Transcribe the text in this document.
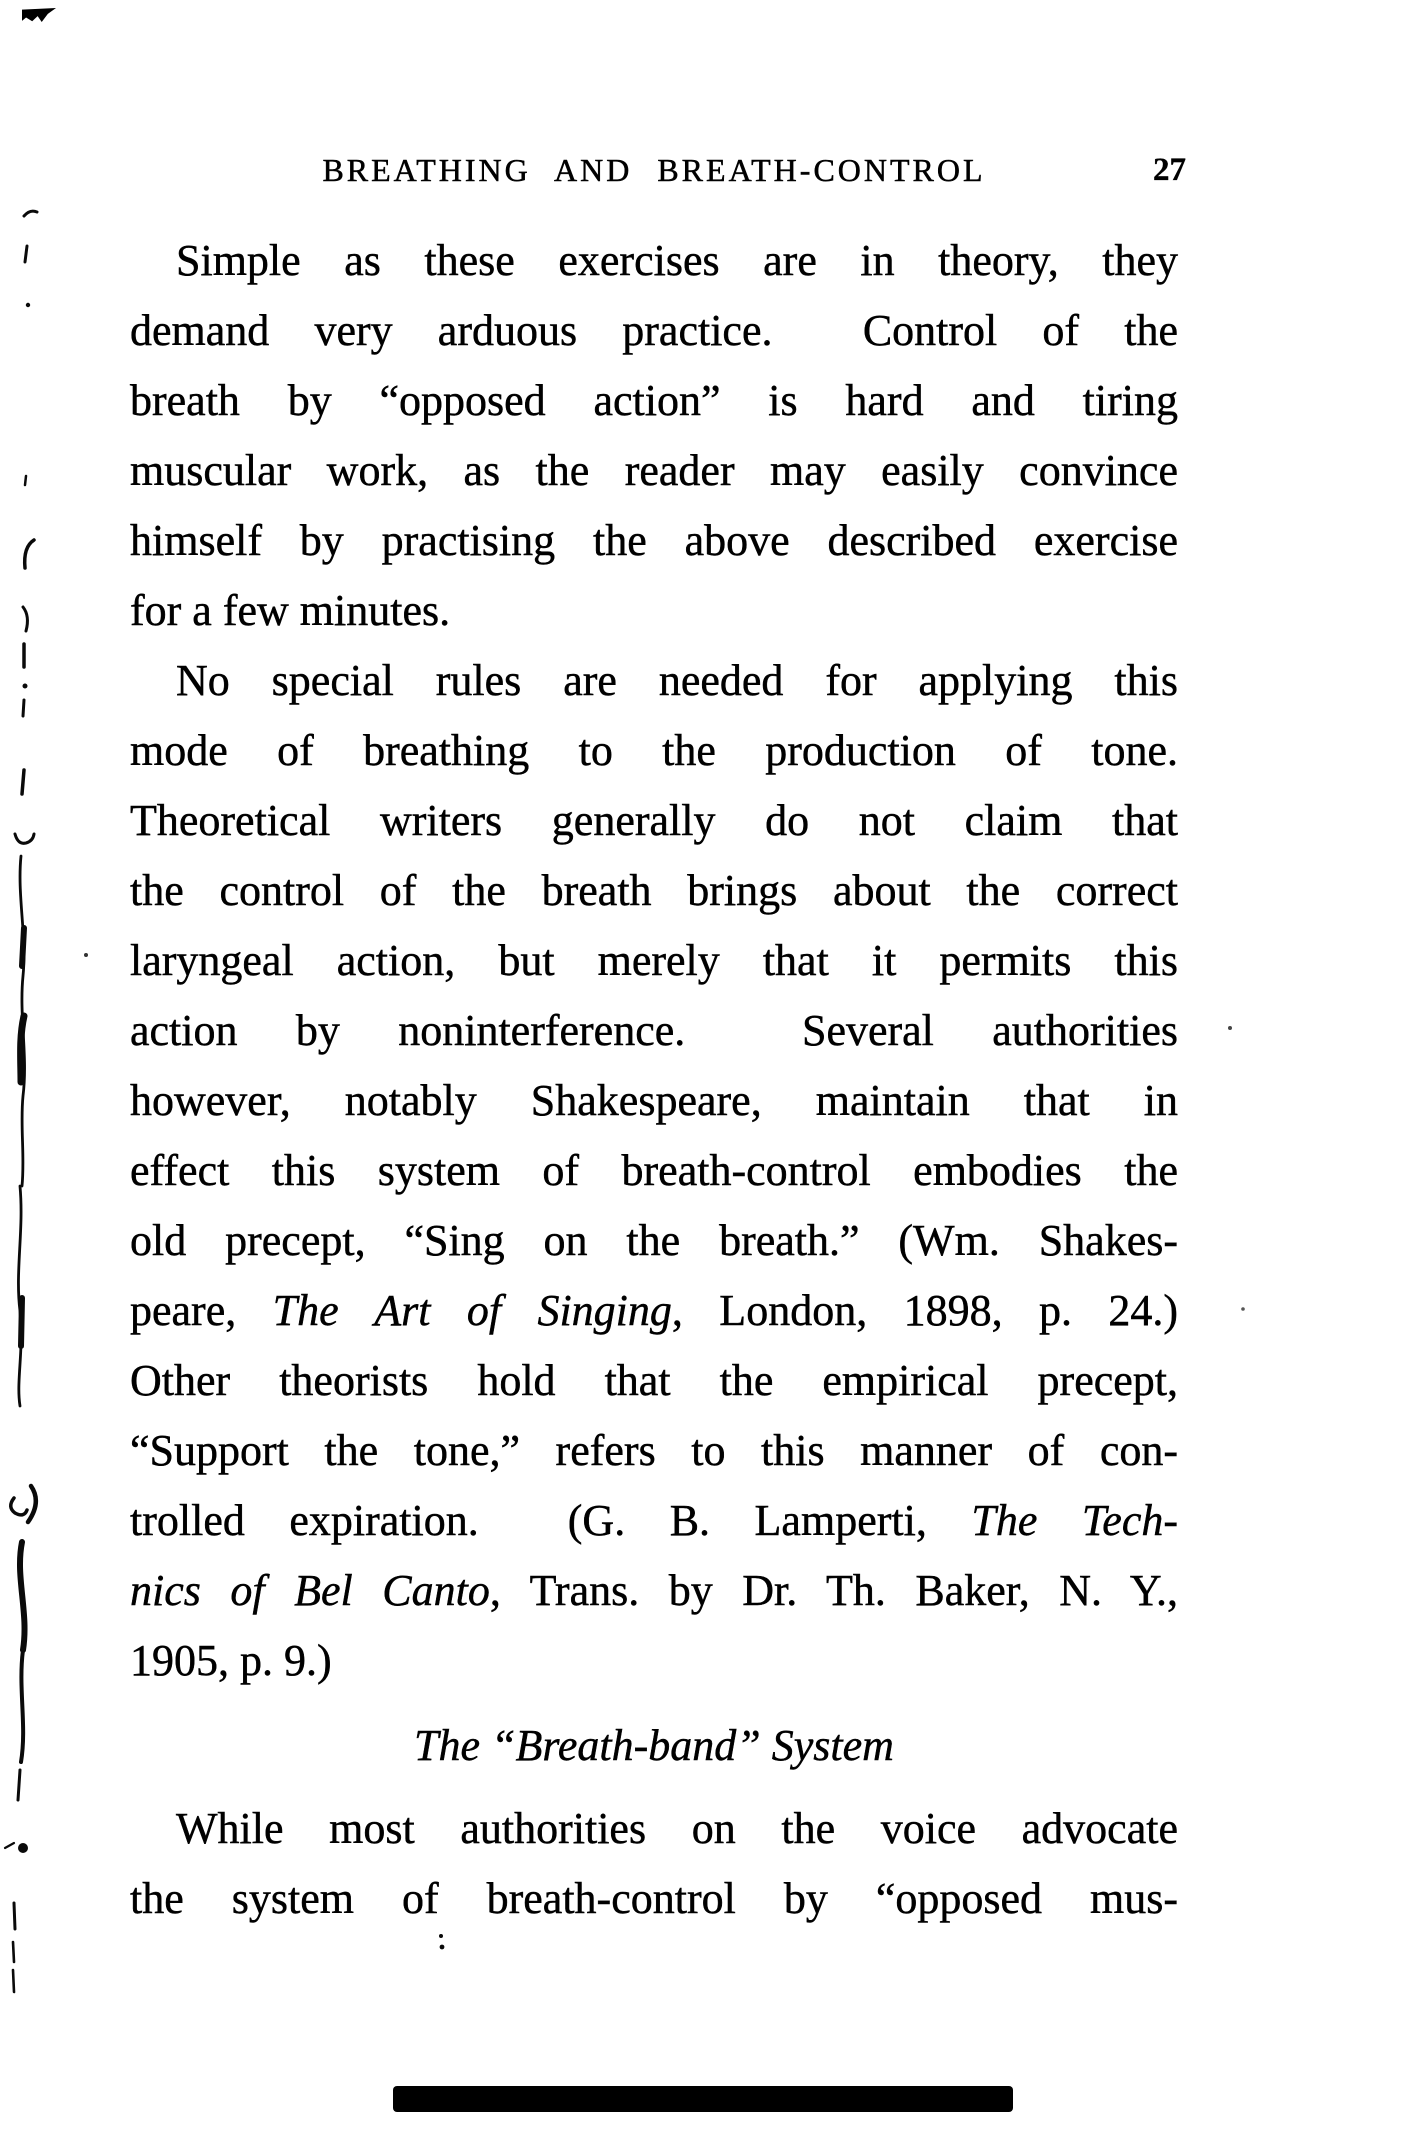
BREATHING AND BREATH-CONTROL	27
Simple as these exercises are in theory, they
demand very arduous practice.  Control of the
breath by “opposed action” is hard and tiring
muscular work, as the reader may easily convince
himself by practising the above described exercise
for a few minutes.
No special rules are needed for applying this
mode of breathing to the production of tone.
Theoretical writers generally do not claim that
the control of the breath brings about the correct
laryngeal action, but merely that it permits this
action by noninterference.  Several authorities
however, notably Shakespeare, maintain that in
effect this system of breath-control embodies the
old precept, “Sing on the breath.” (Wm. Shakes-
peare, The Art of Singing, London, 1898, p. 24.)
Other theorists hold that the empirical precept,
“Support the tone,” refers to this manner of con-
trolled expiration.  (G. B. Lamperti, The Tech-
nics of Bel Canto, Trans. by Dr. Th. Baker, N. Y.,
1905, p. 9.)
The “Breath-band” System
While most authorities on the voice advocate
the system of breath-control by “opposed mus-
